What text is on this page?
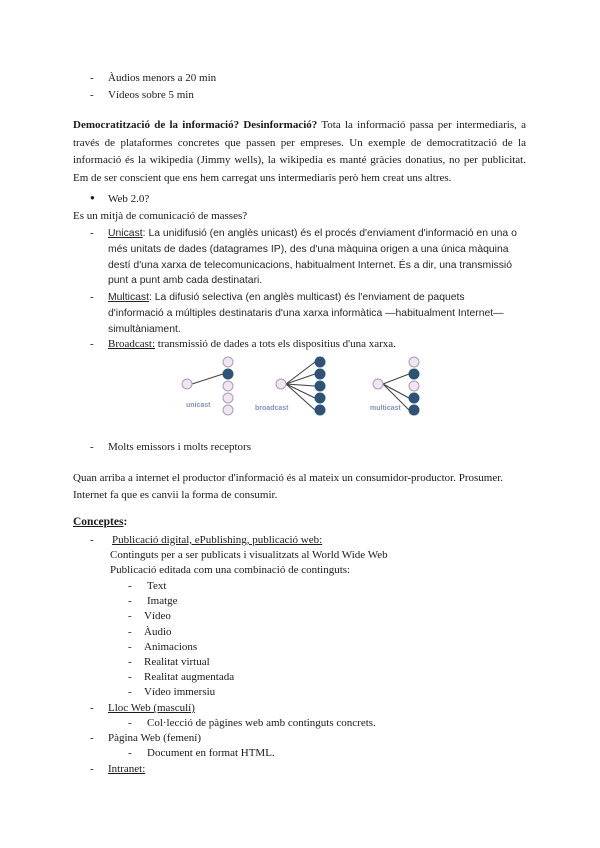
- Àudios menors a 20 min
- Vídeos sobre 5 min
Democratització de la informació? Desinformació? Tota la informació passa per intermediaris, a través de plataformes concretes que passen per empreses. Un exemple de democratització de la informació és la wikipedia (Jimmy wells), la wikipedia es manté gràcies donatius, no per publicitat. Em de ser conscient que ens hem carregat uns intermediaris però hem creat uns altres.
● Web 2.0?
Es un mitjà de comunicació de masses?
- Unicast: La unidifusió (en anglès unicast) és el procés d'enviament d'informació en una o
més unitats de dades (datagrames IP), des d'una màquina origen a una única màquina
destí d'una xarxa de telecomunicacions, habitualment Internet. És a dir, una transmissió
punt a punt amb cada destinatari.
- Multicast: La difusió selectiva (en anglès multicast) és l'enviament de paquets
d'informació a múltiples destinataris d'una xarxa informàtica —habitualment Internet—
simultàniament.
- Broadcast: transmissió de dades a tots els dispositius d'una xarxa.
unicast	broadcast	multicast
- Molts emissors i molts receptors
Quan arriba a internet el productor d'informació és al mateix un consumidor-productor. Prosumer.
Internet fa que es canvii la forma de consumir.
Conceptes:
- Publicació digital, ePublishing, publicació web:
Continguts per a ser publicats i visualitzats al World Wide Web
Publicació editada com una combinació de continguts:
- Text
- Imatge
- Vídeo
- Àudio
- Animacions
- Realitat virtual
- Realitat augmentada
- Vídeo immersiu
- Lloc Web (masculí)
- Col·lecció de pàgines web amb continguts concrets.
- Pàgina Web (femení)
- Document en format HTML.
- Intranet:
